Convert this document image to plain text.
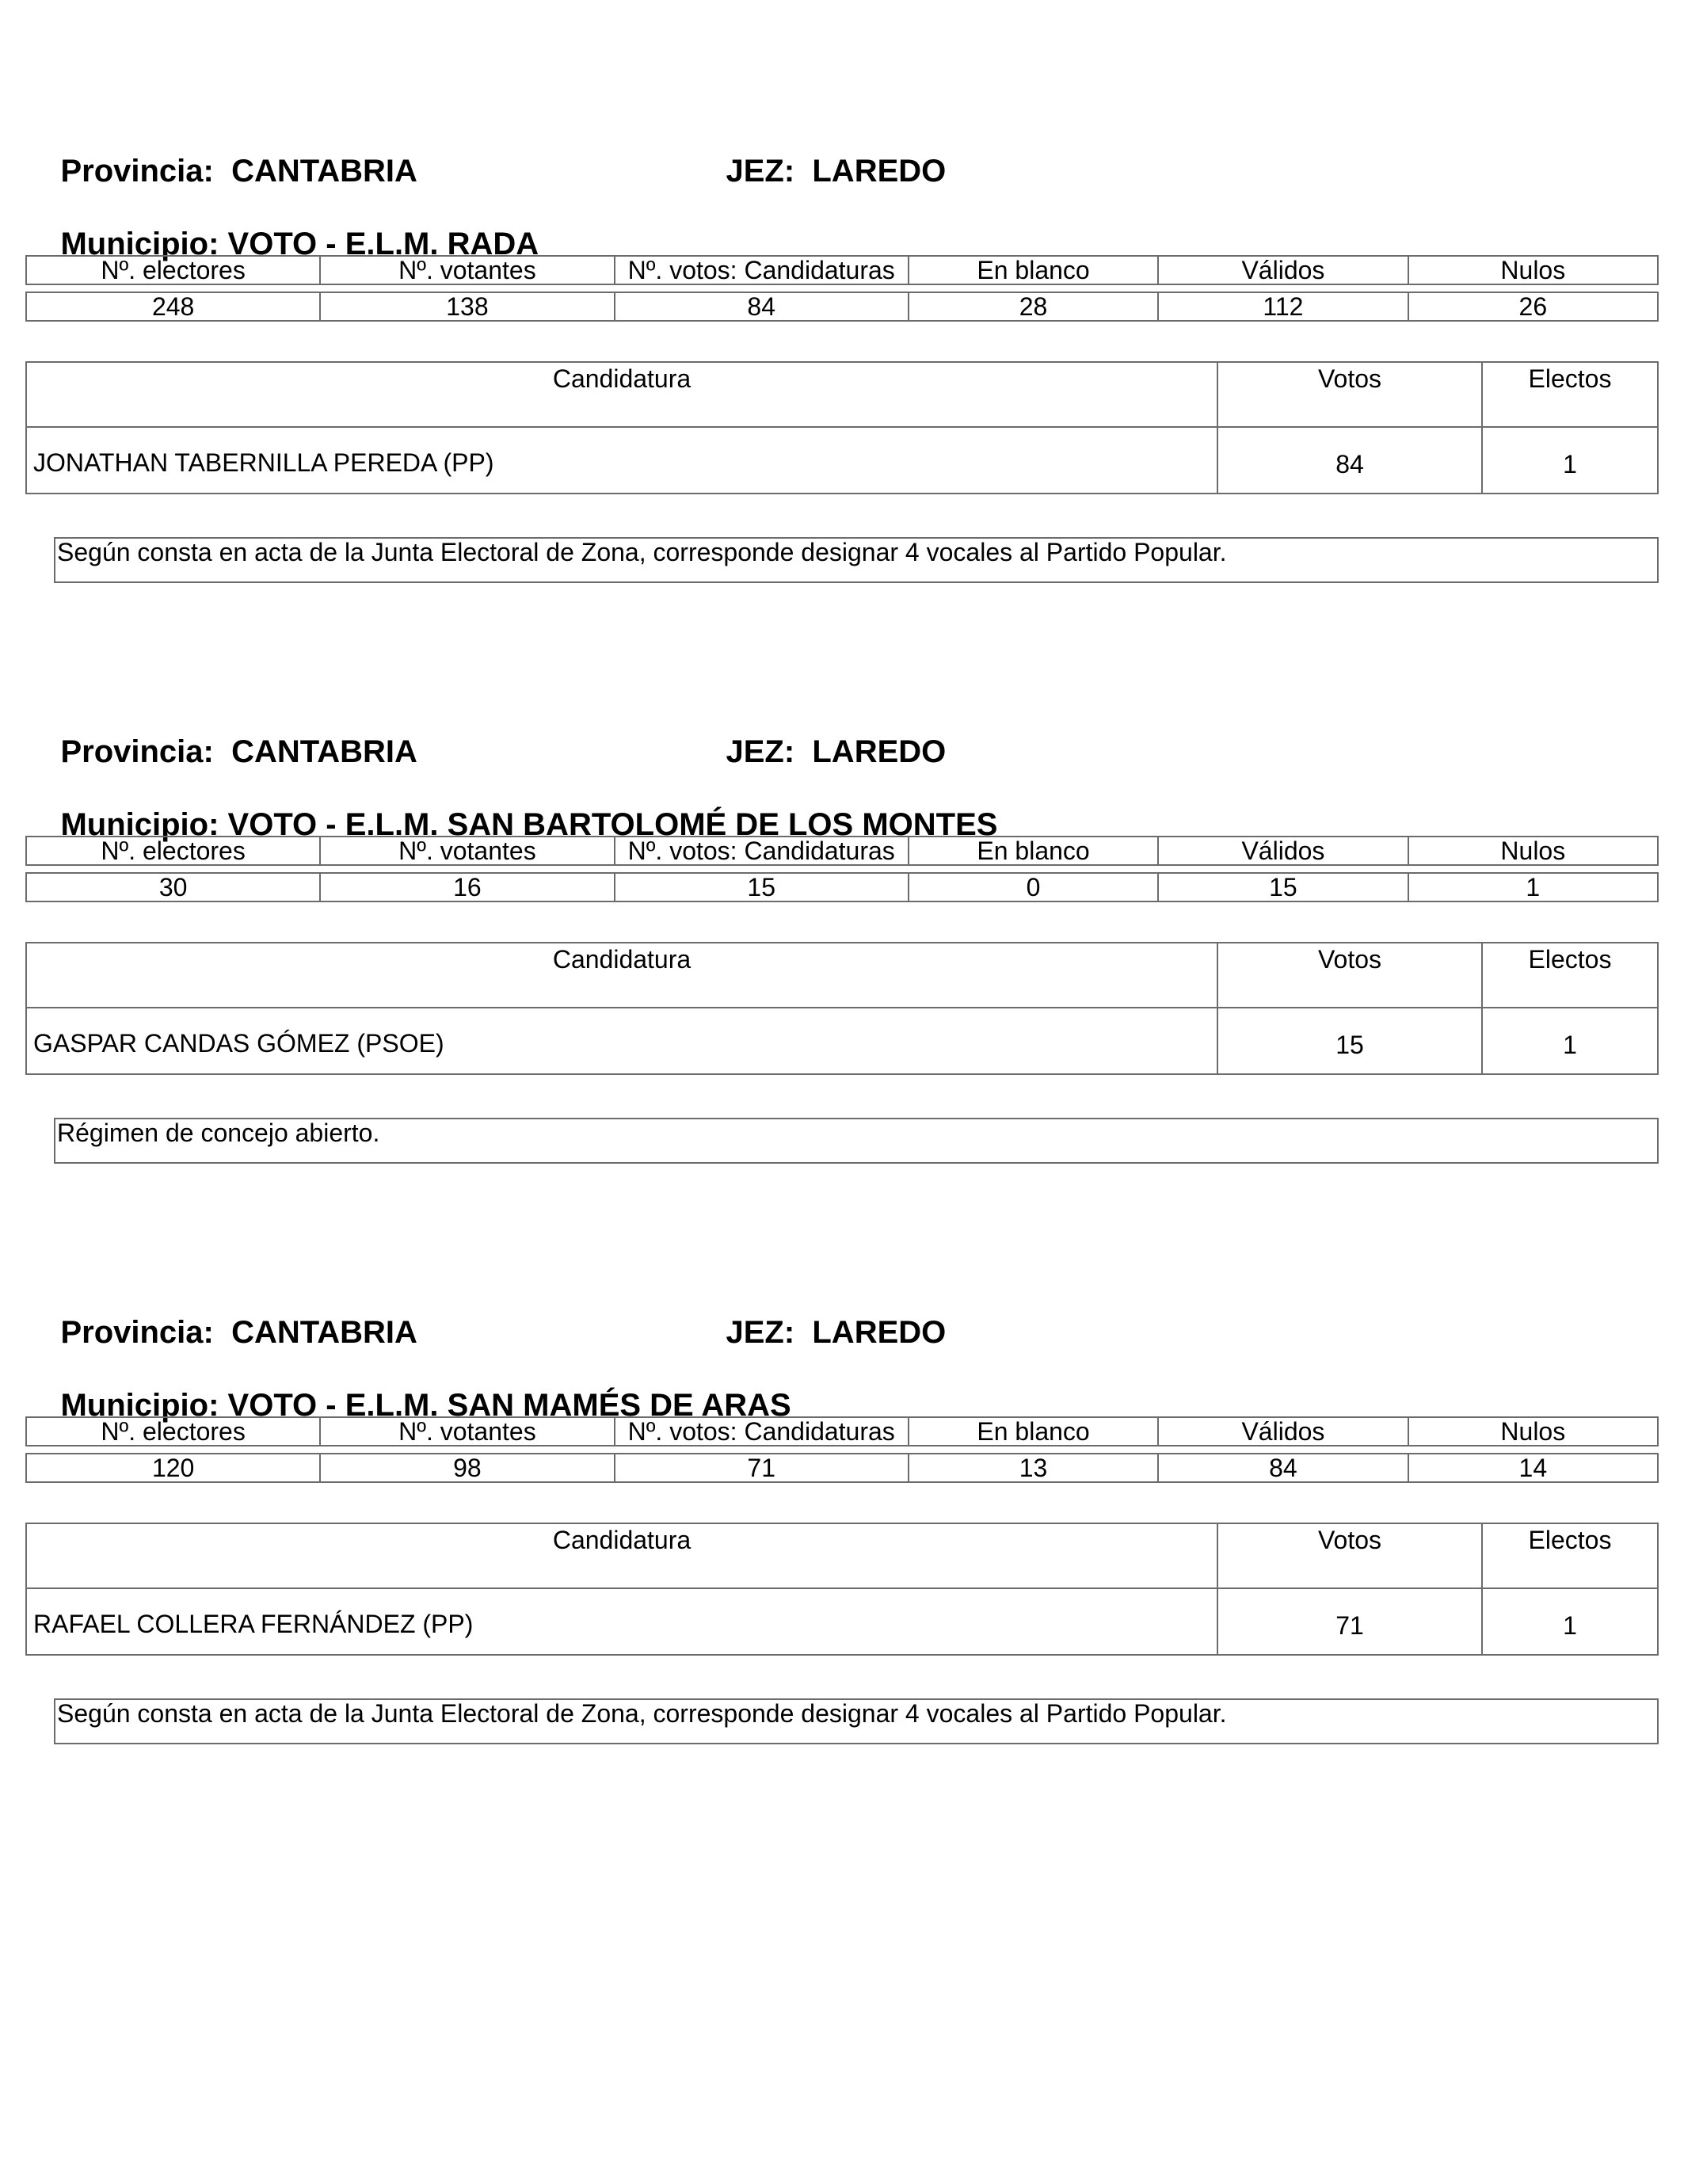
Provincia: CANTABRIA
	JEZ: LAREDO

Municipio: VOTO - E.L.M. RADA

Nº. electores	Nº. votantes	Nº. votos: Candidaturas	En blanco	Válidos	Nulos
248	138	84	28	112	26
Candidatura	Votos	Electos
JONATHAN TABERNILLA PEREDA (PP)	84	1
Según consta en acta de la Junta Electoral de Zona, corresponde designar 4 vocales al Partido Popular.

Provincia: CANTABRIA
	JEZ: LAREDO

Municipio: VOTO - E.L.M. SAN BARTOLOMÉ DE LOS MONTES

Nº. electores	Nº. votantes	Nº. votos: Candidaturas	En blanco	Válidos	Nulos
30	16	15	0	15	1
Candidatura	Votos	Electos
GASPAR CANDAS GÓMEZ (PSOE)	15	1
Régimen de concejo abierto.

Provincia: CANTABRIA
	JEZ: LAREDO

Municipio: VOTO - E.L.M. SAN MAMÉS DE ARAS

Nº. electores	Nº. votantes	Nº. votos: Candidaturas	En blanco	Válidos	Nulos
120	98	71	13	84	14
Candidatura	Votos	Electos
RAFAEL COLLERA FERNÁNDEZ (PP)	71	1
Según consta en acta de la Junta Electoral de Zona, corresponde designar 4 vocales al Partido Popular.
